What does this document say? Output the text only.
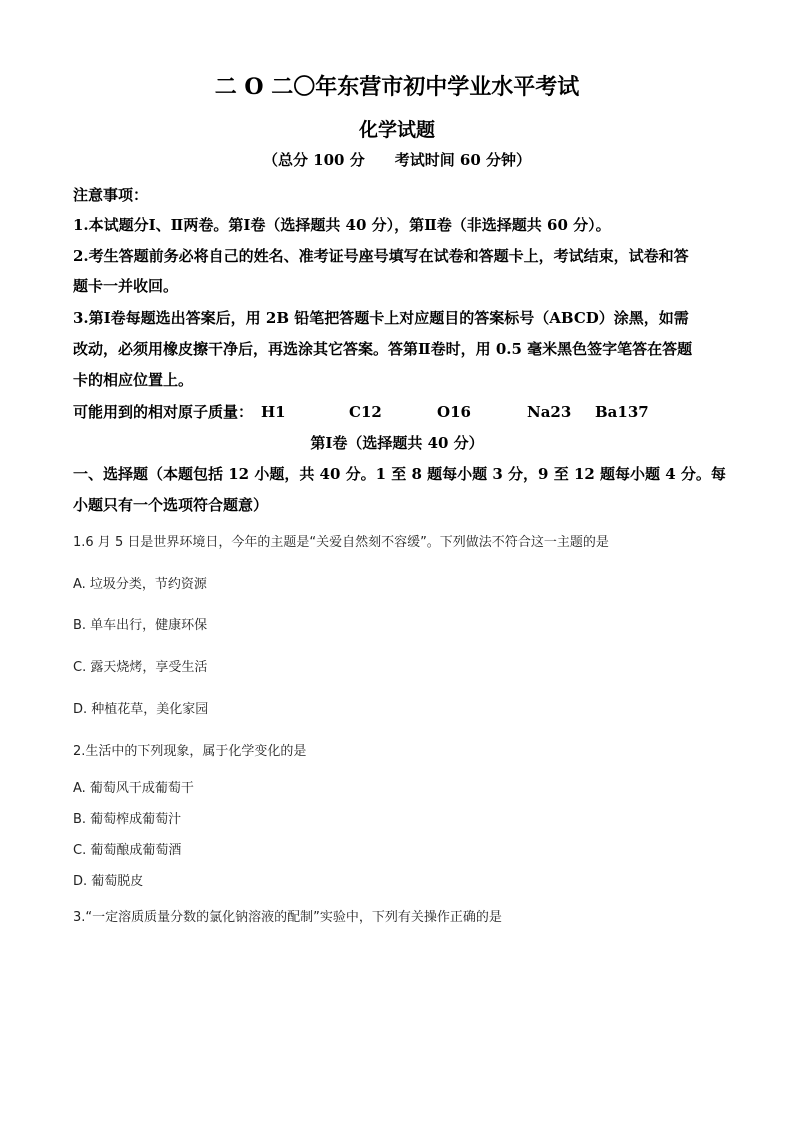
二 O 二〇年东营市初中学业水平考试
化学试题
（总分 100 分　　考试时间 60 分钟）
注意事项：
1.本试题分Ⅰ、Ⅱ两卷。第Ⅰ卷（选择题共 40 分），第Ⅱ卷（非选择题共 60 分）。
2.考生答题前务必将自己的姓名、准考证号座号填写在试卷和答题卡上，考试结束，试卷和答
题卡一并收回。
3.第Ⅰ卷每题选出答案后，用 2B 铅笔把答题卡上对应题目的答案标号（ABCD）涂黑，如需
改动，必须用橡皮擦干净后，再选涂其它答案。答第Ⅱ卷时，用 0.5 毫米黑色签字笔答在答题
卡的相应位置上。
可能用到的相对原子质量： H1	C12	O16	Na23 Ba137
第Ⅰ卷（选择题共 40 分）
一、选择题（本题包括 12 小题，共 40 分。1 至 8 题每小题 3 分，9 至 12 题每小题 4 分。每
小题只有一个选项符合题意）
1.6 月 5 日是世界环境日，今年的主题是“关爱自然刻不容缓”。下列做法不符合这一主题的是
A. 垃圾分类，节约资源
B. 单车出行，健康环保
C. 露天烧烤，享受生活
D. 种植花草，美化家园
2.生活中的下列现象，属于化学变化的是
A. 葡萄风干成葡萄干
B. 葡萄榨成葡萄汁
C. 葡萄酿成葡萄酒
D. 葡萄脱皮
3.“一定溶质质量分数的氯化钠溶液的配制”实验中，下列有关操作正确的是
